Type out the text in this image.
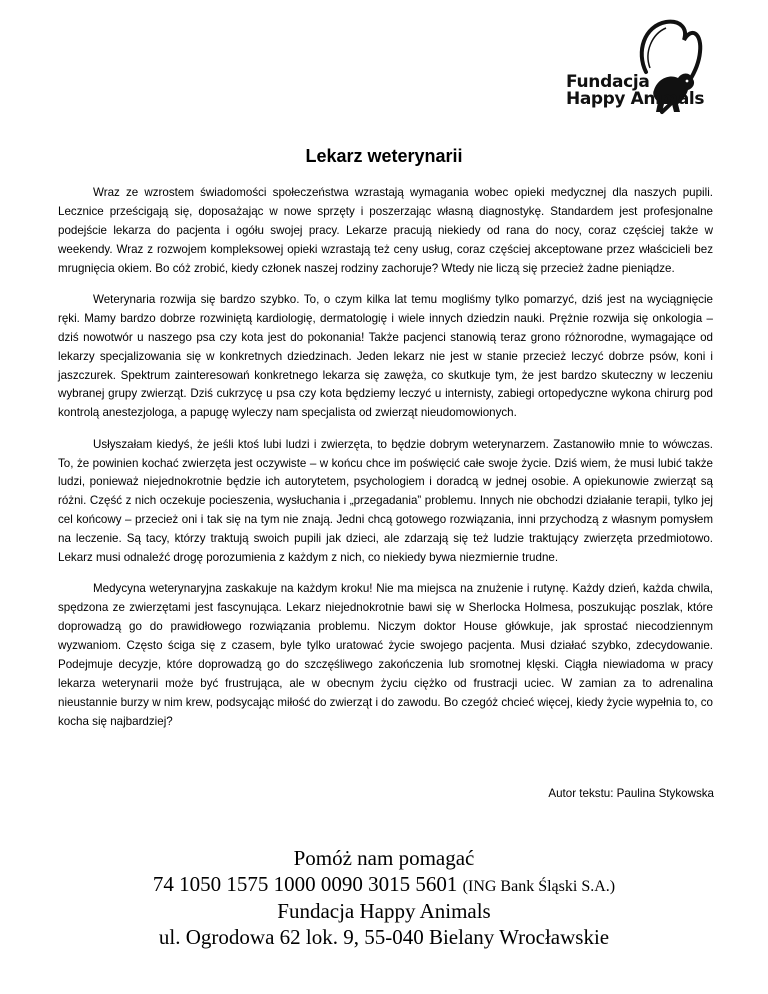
Fundacja
Happy Animals
Lekarz weterynarii

Wraz ze wzrostem świadomości społeczeństwa wzrastają wymagania wobec opieki medycznej dla naszych pupili. Lecznice prześcigają się, doposażając w nowe sprzęty i poszerzając własną diagnostykę. Standardem jest profesjonalne podejście lekarza do pacjenta i ogółu swojej pracy. Lekarze pracują niekiedy od rana do nocy, coraz częściej także w weekendy. Wraz z rozwojem kompleksowej opieki wzrastają też ceny usług, coraz częściej akceptowane przez właścicieli bez mrugnięcia okiem. Bo cóż zrobić, kiedy członek naszej rodziny zachoruje? Wtedy nie liczą się przecież żadne pieniądze.

Weterynaria rozwija się bardzo szybko. To, o czym kilka lat temu mogliśmy tylko pomarzyć, dziś jest na wyciągnięcie ręki. Mamy bardzo dobrze rozwiniętą kardiologię, dermatologię i wiele innych dziedzin nauki. Prężnie rozwija się onkologia – dziś nowotwór u naszego psa czy kota jest do pokonania! Także pacjenci stanowią teraz grono różnorodne, wymagające od lekarzy specjalizowania się w konkretnych dziedzinach. Jeden lekarz nie jest w stanie przecież leczyć dobrze psów, koni i jaszczurek. Spektrum zainteresowań konkretnego lekarza się zawęża, co skutkuje tym, że jest bardzo skuteczny w leczeniu wybranej grupy zwierząt. Dziś cukrzycę u psa czy kota będziemy leczyć u internisty, zabiegi ortopedyczne wykona chirurg pod kontrolą anestezjologa, a papugę wyleczy nam specjalista od zwierząt nieudomowionych.

Usłyszałam kiedyś, że jeśli ktoś lubi ludzi i zwierzęta, to będzie dobrym weterynarzem. Zastanowiło mnie to wówczas. To, że powinien kochać zwierzęta jest oczywiste – w końcu chce im poświęcić całe swoje życie. Dziś wiem, że musi lubić także ludzi, ponieważ niejednokrotnie będzie ich autorytetem, psychologiem i doradcą w jednej osobie. A opiekunowie zwierząt są różni. Część z nich oczekuje pocieszenia, wysłuchania i „przegadania” problemu. Innych nie obchodzi działanie terapii, tylko jej cel końcowy – przecież oni i tak się na tym nie znają. Jedni chcą gotowego rozwiązania, inni przychodzą z własnym pomysłem na leczenie. Są tacy, którzy traktują swoich pupili jak dzieci, ale zdarzają się też ludzie traktujący zwierzęta przedmiotowo. Lekarz musi odnaleźć drogę porozumienia z każdym z nich, co niekiedy bywa niezmiernie trudne.

Medycyna weterynaryjna zaskakuje na każdym kroku! Nie ma miejsca na znużenie i rutynę. Każdy dzień, każda chwila, spędzona ze zwierzętami jest fascynująca. Lekarz niejednokrotnie bawi się w Sherlocka Holmesa, poszukując poszlak, które doprowadzą go do prawidłowego rozwiązania problemu. Niczym doktor House główkuje, jak sprostać niecodziennym wyzwaniom. Często ściga się z czasem, byle tylko uratować życie swojego pacjenta. Musi działać szybko, zdecydowanie. Podejmuje decyzje, które doprowadzą go do szczęśliwego zakończenia lub sromotnej klęski. Ciągła niewiadoma w pracy lekarza weterynarii może być frustrująca, ale w obecnym życiu ciężko od frustracji uciec. W zamian za to adrenalina nieustannie burzy w nim krew, podsycając miłość do zwierząt i do zawodu. Bo czegóż chcieć więcej, kiedy życie wypełnia to, co kocha się najbardziej?

Autor tekstu: Paulina Stykowska
Pomóż nam pomagać
74 1050 1575 1000 0090 3015 5601 (ING Bank Śląski S.A.)
Fundacja Happy Animals
ul. Ogrodowa 62 lok. 9, 55-040 Bielany Wrocławskie
